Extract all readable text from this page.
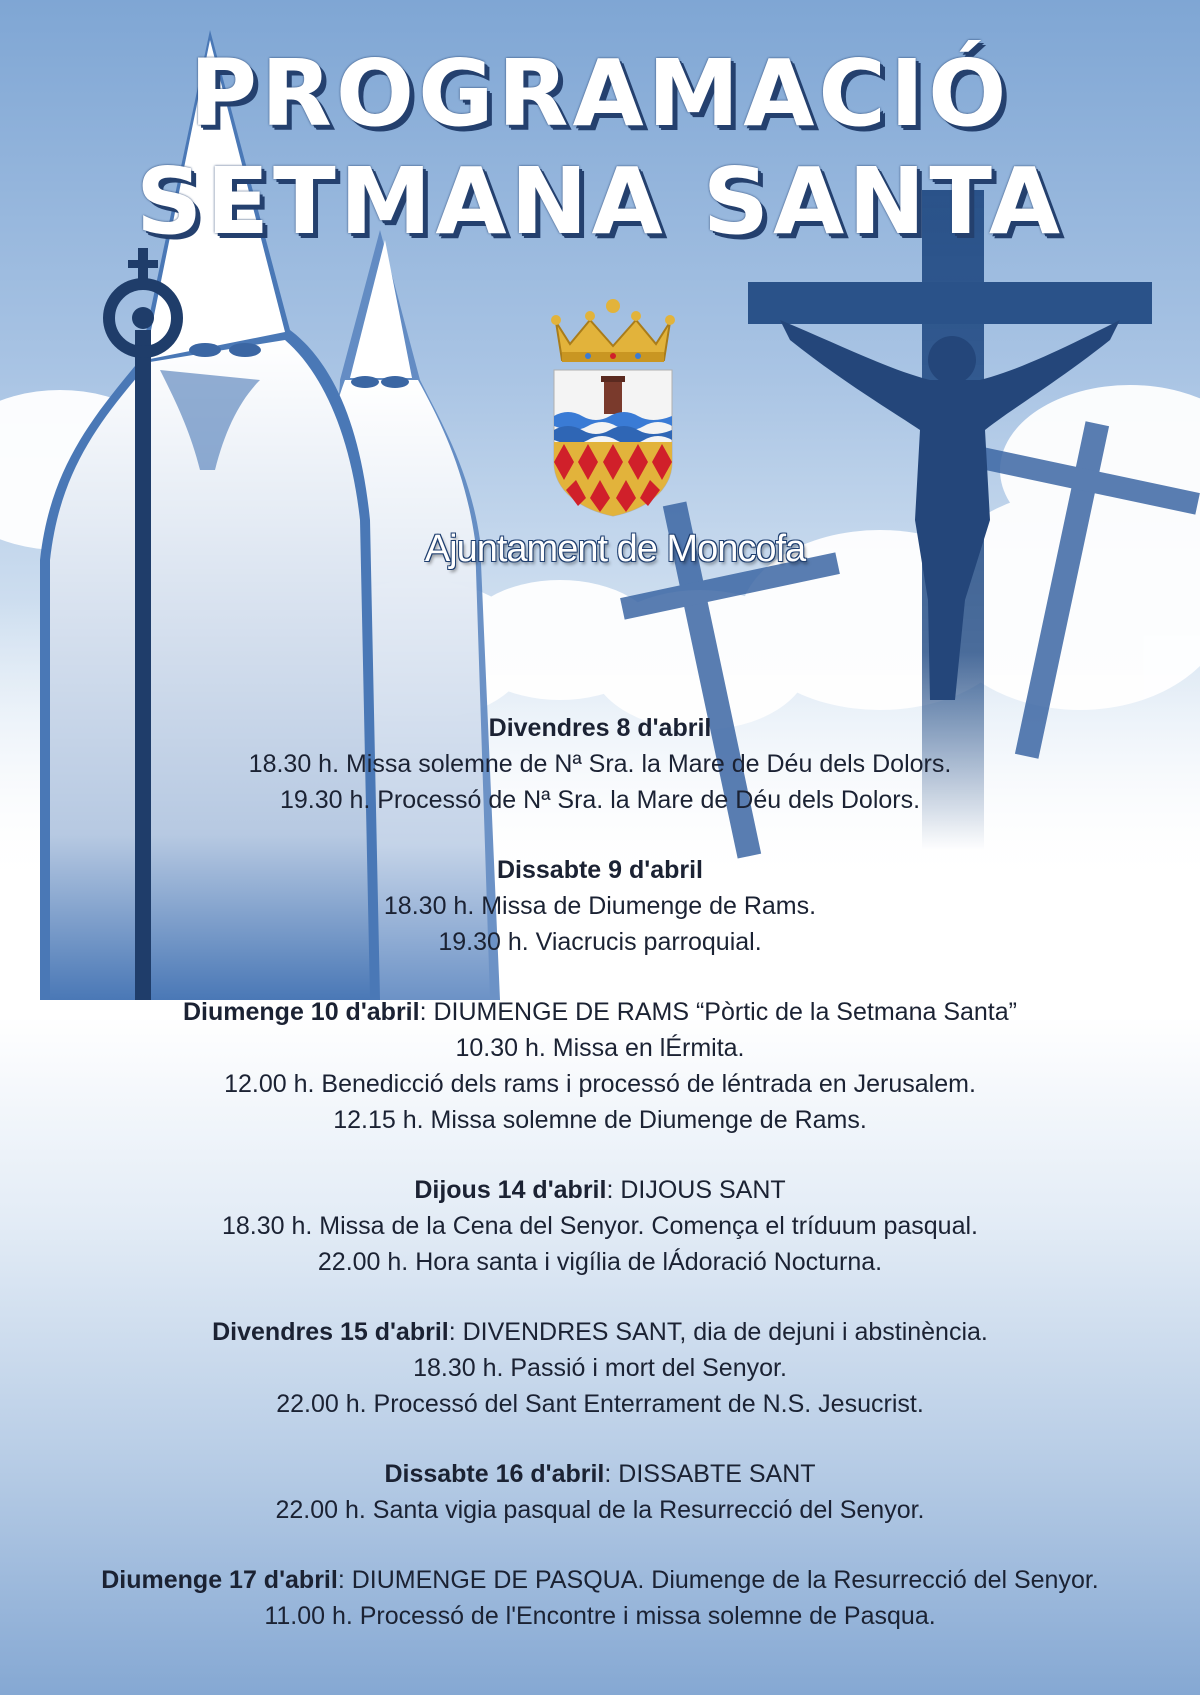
PROGRAMACIÓ
SETMANA SANTA
Ajuntament de Moncofa
Divendres 8 d'abril
18.30 h. Missa solemne de Nª Sra. la Mare de Déu dels Dolors.
19.30 h. Processó de Nª Sra. la Mare de Déu dels Dolors.
Dissabte 9 d'abril
18.30 h. Missa de Diumenge de Rams.
19.30 h. Viacrucis parroquial.
Diumenge 10 d'abril: DIUMENGE DE RAMS “Pòrtic de la Setmana Santa”
10.30 h. Missa en lÉrmita.
12.00 h. Benedicció dels rams i processó de léntrada en Jerusalem.
12.15 h. Missa solemne de Diumenge de Rams.
Dijous 14 d'abril: DIJOUS SANT
18.30 h. Missa de la Cena del Senyor. Comença el tríduum pasqual.
22.00 h. Hora santa i vigília de lÁdoració Nocturna.
Divendres 15 d'abril: DIVENDRES SANT, dia de dejuni i abstinència.
18.30 h. Passió i mort del Senyor.
22.00 h. Processó del Sant Enterrament de N.S. Jesucrist.
Dissabte 16 d'abril: DISSABTE SANT
22.00 h. Santa vigia pasqual de la Resurrecció del Senyor.
Diumenge 17 d'abril: DIUMENGE DE PASQUA. Diumenge de la Resurrecció del Senyor.
11.00 h. Processó de l'Encontre i missa solemne de Pasqua.
